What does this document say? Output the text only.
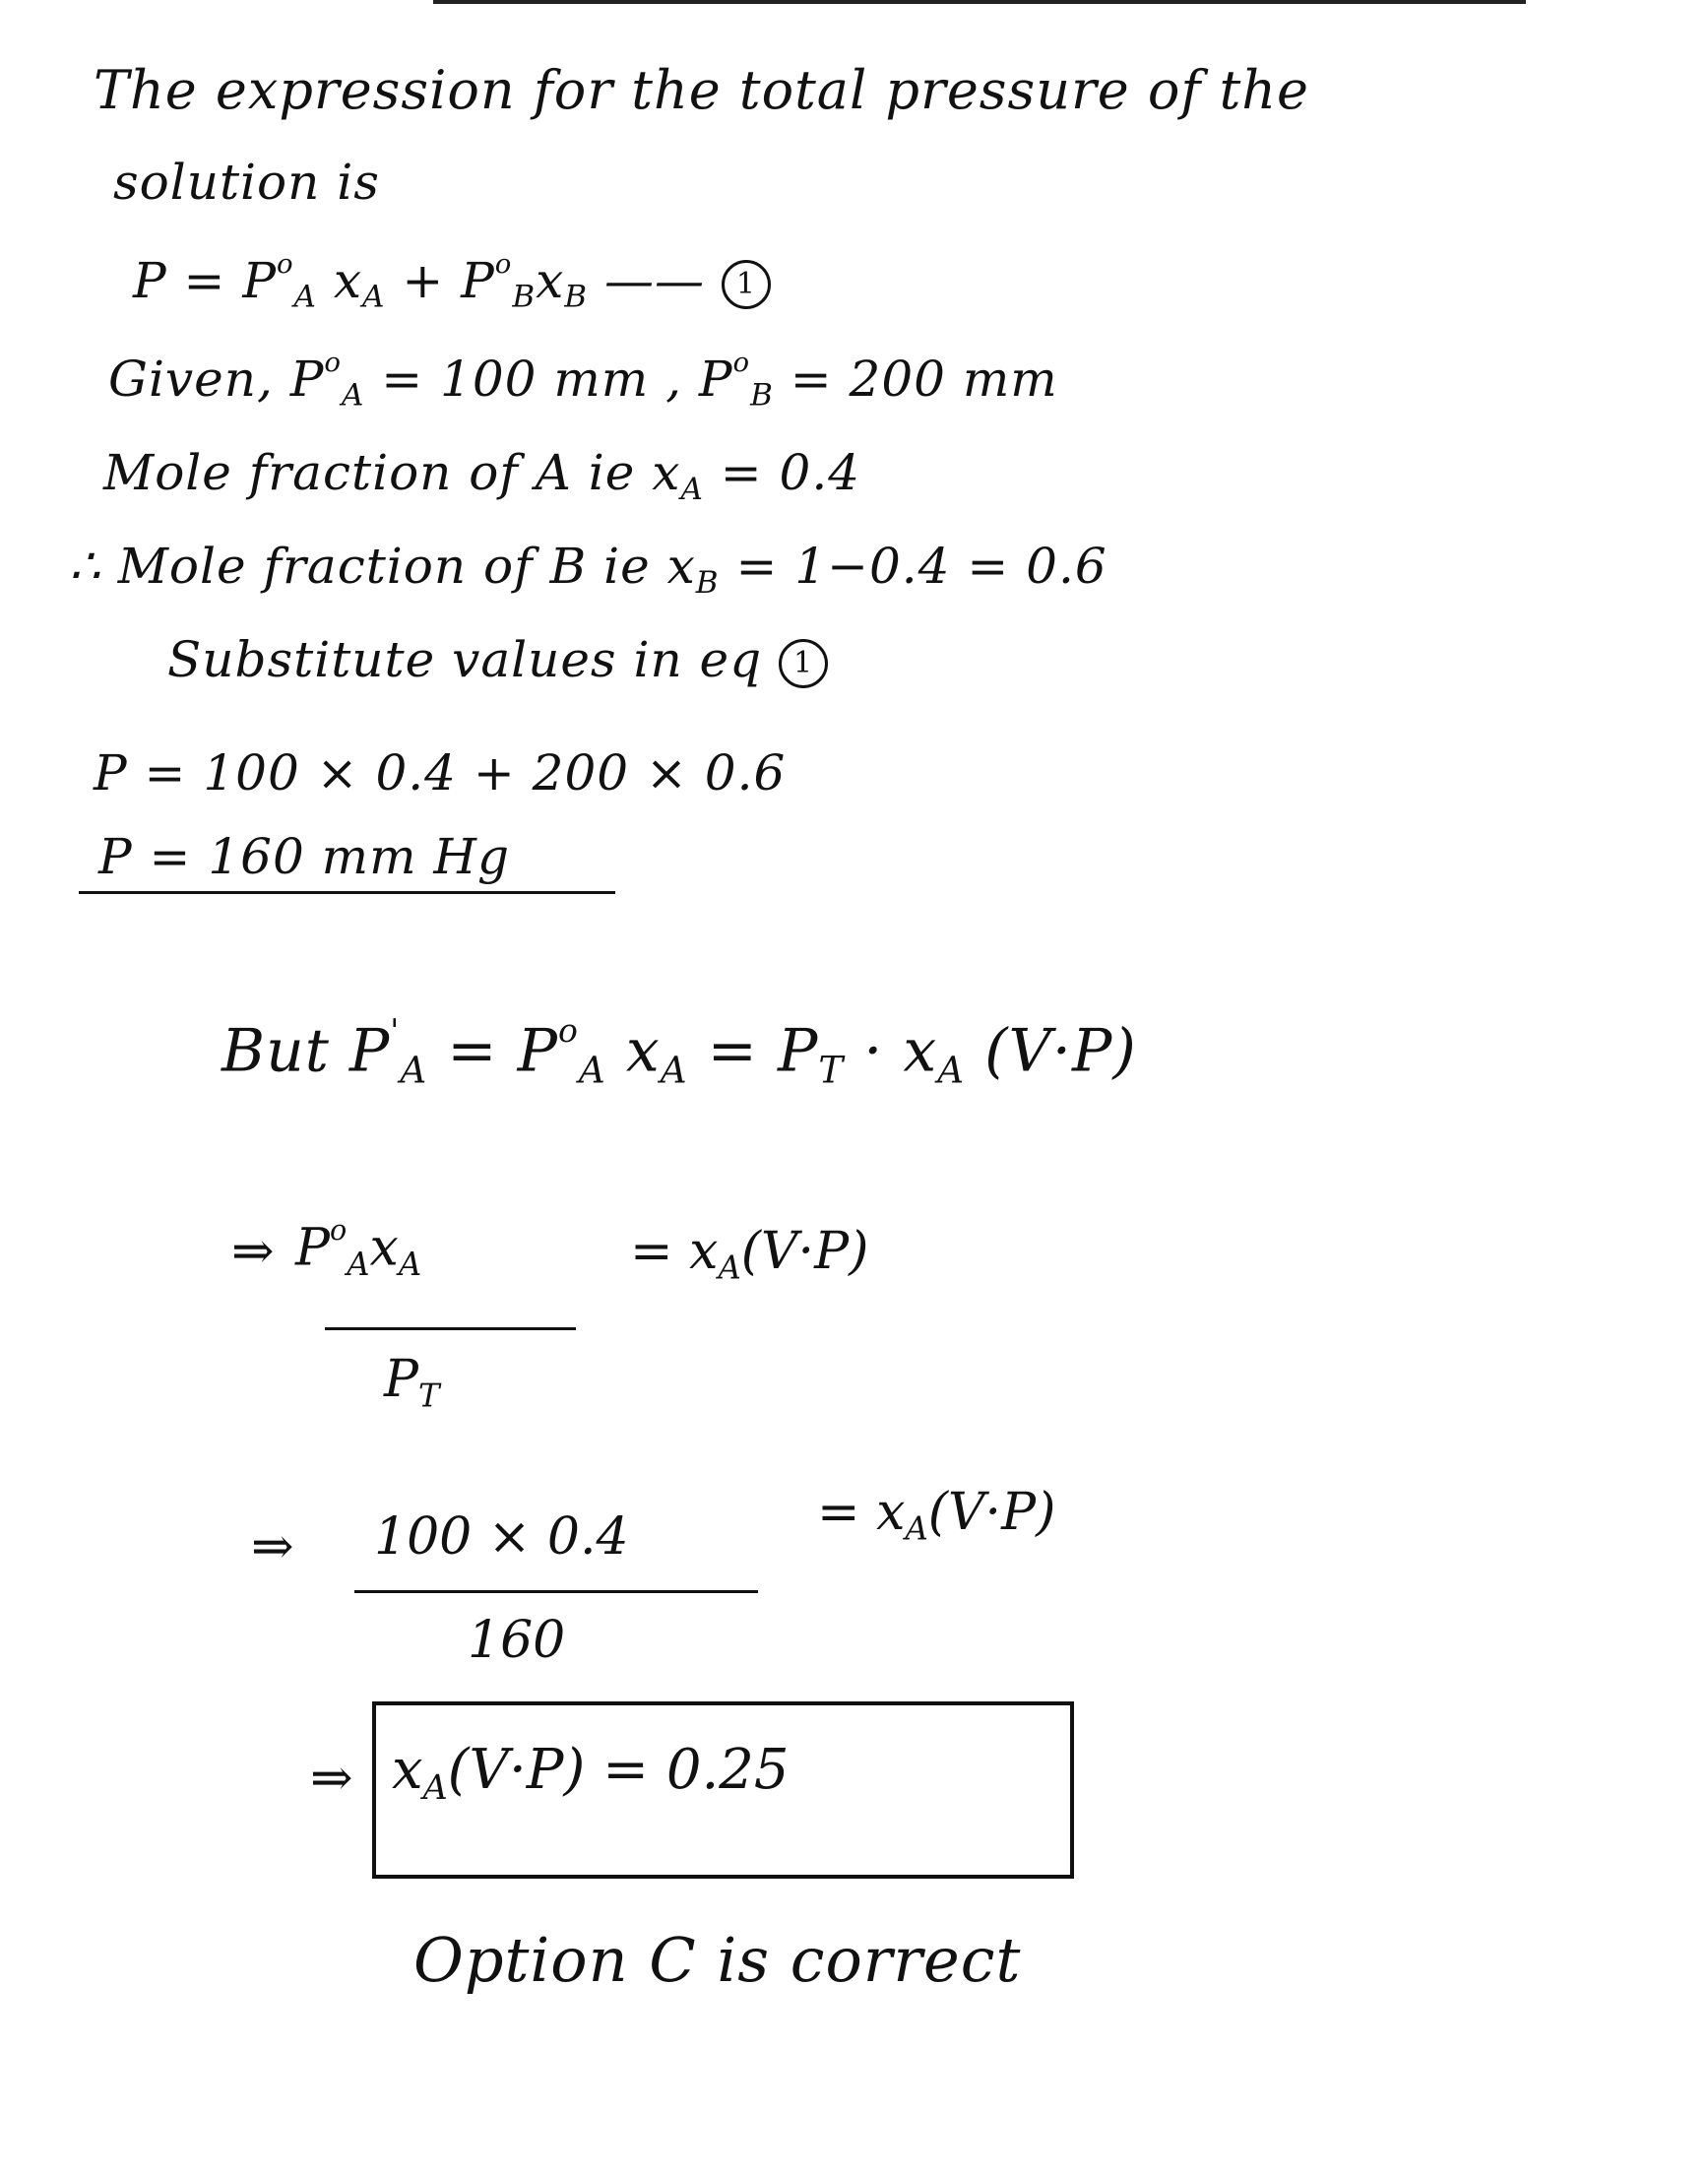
The expression for the total pressure of the
solution is
$P = P^o_A$ $x_A + P^o_Bx_B$ —— 1
Given, $P^o_A = 100$ mm , $P^o_B = 200$ mm
Mole fraction of A ie $x_A = 0.4$
∴ Mole fraction of B ie $x_B = 1-0.4 = 0.6$
Substitute values in eq 1
P = 100 × 0.4 + 200 × 0.6
P = 160 mm Hg
But $P'_A = P^o_A$ $x_A = P_T \cdot x_A$ (V·P)
⇒ $P^o_Ax_A$
$P_T$
= $x_A(V\cdot P)$
⇒ 100 × 0.4
160
= $x_A(V\cdot P)$
⇒ $x_A(V\cdot P) = 0.25$
Option C is correct
